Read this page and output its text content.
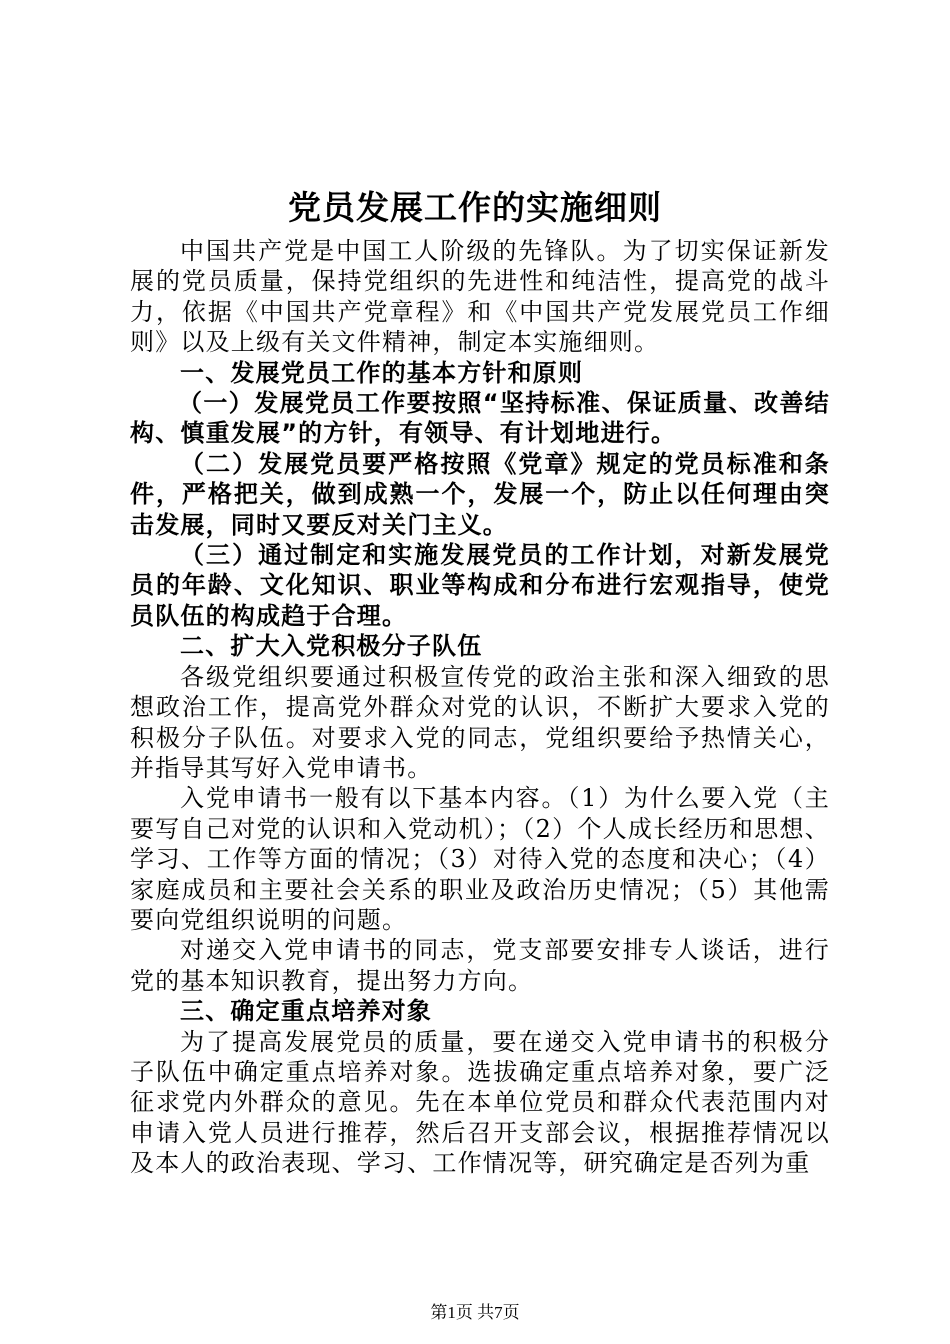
党员发展工作的实施细则

中国共产党是中国工人阶级的先锋队。为了切实保证新发展的党员质量，保持党组织的先进性和纯洁性，提高党的战斗力，依据《中国共产党章程》和《中国共产党发展党员工作细则》以及上级有关文件精神，制定本实施细则。

一、发展党员工作的基本方针和原则

（一）发展党员工作要按照“坚持标准、保证质量、改善结构、慎重发展”的方针，有领导、有计划地进行。

（二）发展党员要严格按照《党章》规定的党员标准和条件，严格把关，做到成熟一个，发展一个，防止以任何理由突击发展，同时又要反对关门主义。

（三）通过制定和实施发展党员的工作计划，对新发展党员的年龄、文化知识、职业等构成和分布进行宏观指导，使党员队伍的构成趋于合理。

二、扩大入党积极分子队伍

各级党组织要通过积极宣传党的政治主张和深入细致的思想政治工作，提高党外群众对党的认识，不断扩大要求入党的积极分子队伍。对要求入党的同志，党组织要给予热情关心，并指导其写好入党申请书。

入党申请书一般有以下基本内容。（1）为什么要入党（主要写自己对党的认识和入党动机）；（2）个人成长经历和思想、学习、工作等方面的情况；（3）对待入党的态度和决心；（4）家庭成员和主要社会关系的职业及政治历史情况；（5）其他需要向党组织说明的问题。

对递交入党申请书的同志，党支部要安排专人谈话，进行党的基本知识教育，提出努力方向。

三、确定重点培养对象

为了提高发展党员的质量，要在递交入党申请书的积极分子队伍中确定重点培养对象。选拔确定重点培养对象，要广泛征求党内外群众的意见。先在本单位党员和群众代表范围内对申请入党人员进行推荐，然后召开支部会议，根据推荐情况以及本人的政治表现、学习、工作情况等，研究确定是否列为重

第1页 共7页
